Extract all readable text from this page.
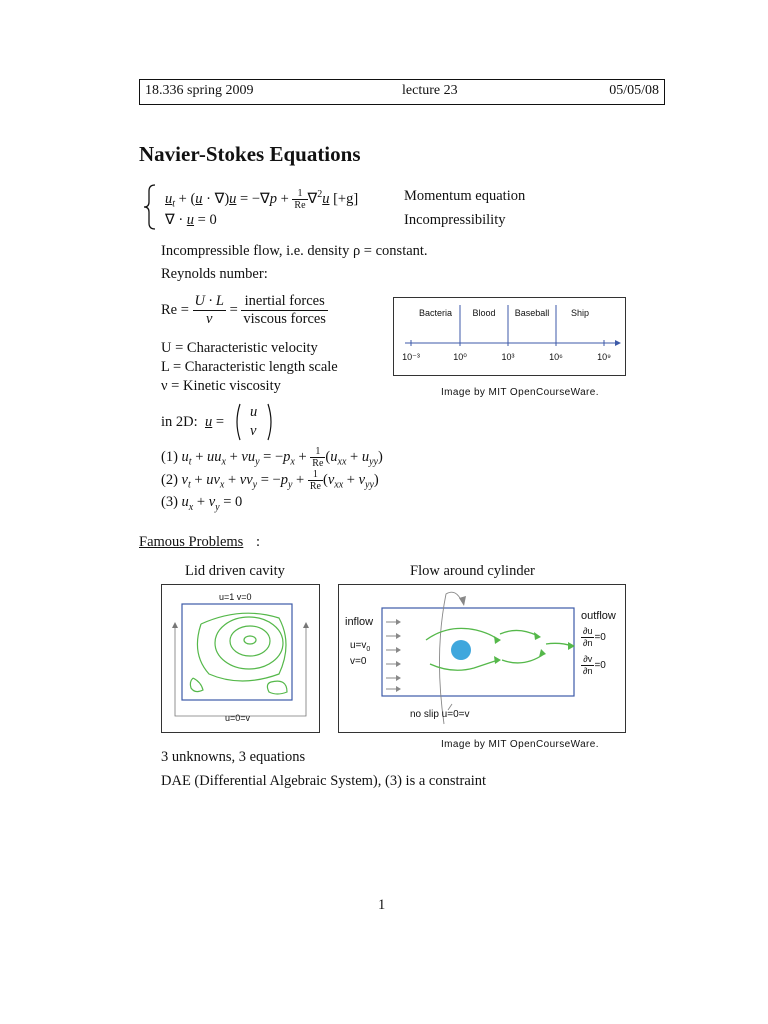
18.336 spring 2009	lecture 23	05/05/08
Navier-Stokes Equations
$u_t + (u \cdot \nabla)u = -\nabla p + \frac{1}{Re} \nabla^2u$ [+g]	Momentum equation
∇ · u = 0	Incompressibility
Incompressible flow, i.e. density ρ = constant.
Reynolds number:
$Re = \frac{U \cdot L}{\nu} = \frac{\text{inertial forces}}{\text{viscous forces}}$
U = Characteristic velocity
L = Characteristic length scale
ν = Kinetic viscosity
Bacteria Blood Baseball Ship
10⁻³	10⁰	10³	10⁶	10⁹
Image by MIT OpenCourseWare.
in 2D: u =
u
v
(1) $u_t + uu_x + vu_y = -p_x + \frac{1}{Re} (u_{xx} + u_{yy})$
(2) $v_t + uv_x + vv_y = -p_y + \frac{1}{Re} (v_{xx} + v_{yy})$
(3) $u_x + v_y = 0$
Famous Problems :
Lid driven cavity	Flow around cylinder
u=1 v=0
u=0=v
inflow
$u=v_0$
v=0
outflow
$\frac{\partial u}{\partial n} =0$
$\frac{\partial v}{\partial n} =0$
no slip u=0=v
Image by MIT OpenCourseWare.
3 unknowns, 3 equations
DAE (Differential Algebraic System), (3) is a constraint
1
